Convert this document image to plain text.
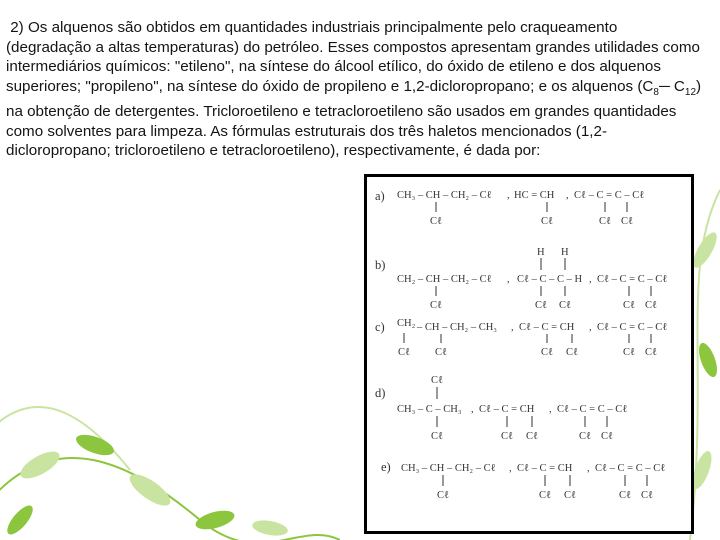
2) Os alquenos são obtidos em quantidades industriais principalmente pelo craqueamento (degradação a altas temperaturas) do petróleo. Esses compostos apresentam grandes utilidades como intermediários químicos: "etileno", na síntese do álcool etílico, do óxido de etileno e dos alquenos superiores; "propileno", na síntese do óxido de propileno e 1,2-dicloropropano; e os alquenos ($C_8─$ $C_{12}$) na obtenção de detergentes. Tricloroetileno e tetracloroetileno são usados em grandes quantidades como solventes para limpeza. As fórmulas estruturais dos três haletos mencionados (1,2-dicloropropano; tricloroetileno e tetracloroetileno), respectivamente, é dada por:

a) CH₃ – CH – CH₂ – Cℓ
Cℓ
, HC = CH
Cℓ
, Cℓ – C = C – Cℓ
Cℓ Cℓ
H H
b)
CH₂ – CH – CH₂ – Cℓ
Cℓ
, Cℓ – C – C – H
Cℓ Cℓ
, Cℓ – C = C – Cℓ
Cℓ Cℓ
c) CH₂ – CH – CH₂ – CH₃
Cℓ Cℓ
, Cℓ – C = CH
Cℓ Cℓ
, Cℓ – C = C – Cℓ
Cℓ Cℓ
Cℓ
d)
CH₃ – C – CH₃
Cℓ
, Cℓ – C = CH
Cℓ Cℓ
, Cℓ – C = C – Cℓ
Cℓ Cℓ
e) CH₃ – CH – CH₂ – Cℓ
Cℓ
, Cℓ – C = CH
Cℓ Cℓ
, Cℓ – C = C – Cℓ
Cℓ Cℓ
